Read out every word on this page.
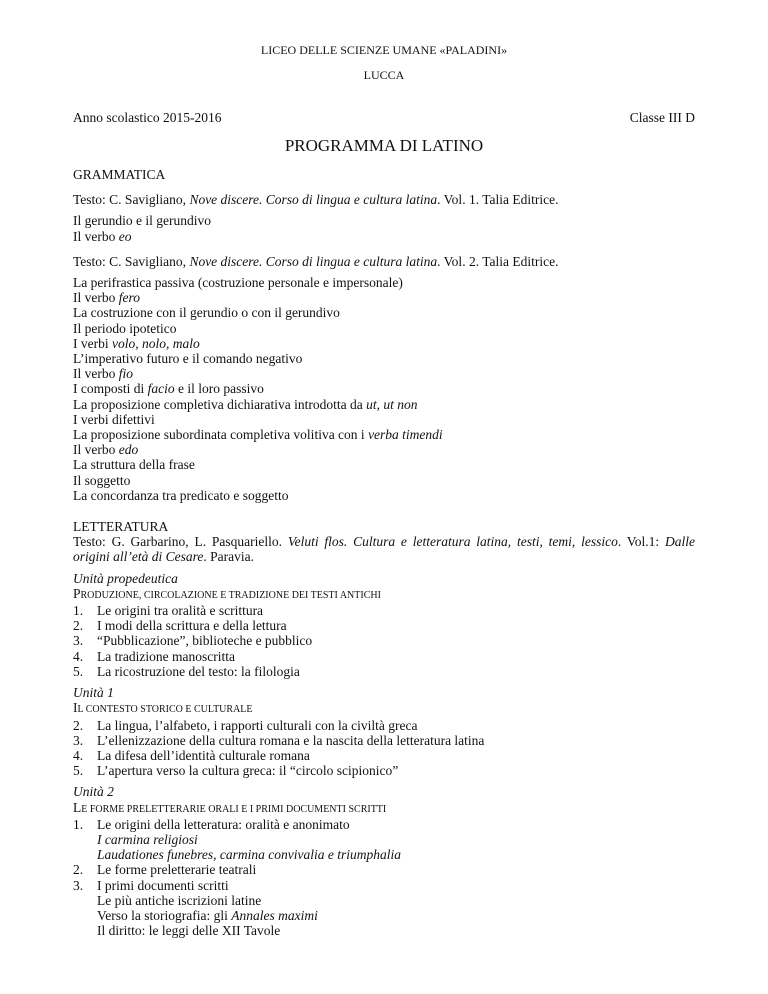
LICEO DELLE SCIENZE UMANE «PALADINI»
LUCCA
Anno scolastico 2015-2016	Classe III D
PROGRAMMA DI LATINO
GRAMMATICA
Testo: C. Savigliano, Nove discere. Corso di lingua e cultura latina. Vol. 1. Talia Editrice.
Il gerundio e il gerundivo
Il verbo eo
Testo: C. Savigliano, Nove discere. Corso di lingua e cultura latina. Vol. 2. Talia Editrice.
La perifrastica passiva (costruzione personale e impersonale)
Il verbo fero
La costruzione con il gerundio o con il gerundivo
Il periodo ipotetico
I verbi volo, nolo, malo
L’imperativo futuro e il comando negativo
Il verbo fio
I composti di facio e il loro passivo
La proposizione completiva dichiarativa introdotta da ut, ut non
I verbi difettivi
La proposizione subordinata completiva volitiva con i verba timendi
Il verbo edo
La struttura della frase
Il soggetto
La concordanza tra predicato e soggetto
LETTERATURA
Testo: G. Garbarino, L. Pasquariello. Veluti flos. Cultura e letteratura latina, testi, temi, lessico. Vol.1: Dalle origini all’età di Cesare. Paravia.
Unità propedeutica
PRODUZIONE, CIRCOLAZIONE E TRADIZIONE DEI TESTI ANTICHI
1.	Le origini tra oralità e scrittura
2.	I modi della scrittura e della lettura
3.	“Pubblicazione”, biblioteche e pubblico
4.	La tradizione manoscritta
5.	La ricostruzione del testo: la filologia
Unità 1
IL CONTESTO STORICO E CULTURALE
2.	La lingua, l’alfabeto, i rapporti culturali con la civiltà greca
3.	L’ellenizzazione della cultura romana e la nascita della letteratura latina
4.	La difesa dell’identità culturale romana
5.	L’apertura verso la cultura greca: il “circolo scipionico”
Unità 2
LE FORME PRELETTERARIE ORALI E I PRIMI DOCUMENTI SCRITTI
1.	Le origini della letteratura: oralità e anonimato
I carmina religiosi
Laudationes funebres, carmina convivalia e triumphalia
2.	Le forme preletterarie teatrali
3.	I primi documenti scritti
Le più antiche iscrizioni latine
Verso la storiografia: gli Annales maximi
Il diritto: le leggi delle XII Tavole
